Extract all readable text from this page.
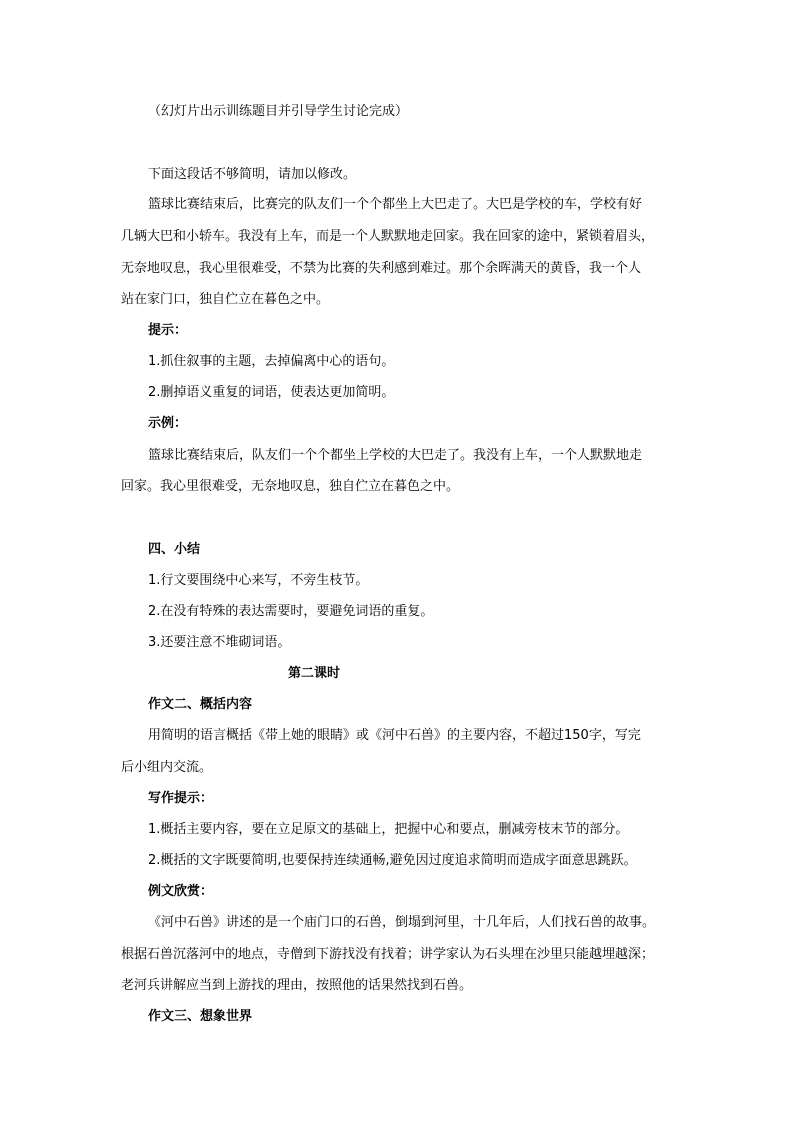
（幻灯片出示训练题目并引导学生讨论完成）
下面这段话不够简明，请加以修改。
篮球比赛结束后，比赛完的队友们一个个都坐上大巴走了。大巴是学校的车，学校有好
几辆大巴和小轿车。我没有上车，而是一个人默默地走回家。我在回家的途中，紧锁着眉头，
无奈地叹息，我心里很难受，不禁为比赛的失利感到难过。那个余晖满天的黄昏，我一个人
站在家门口，独自伫立在暮色之中。
提示：
1.抓住叙事的主题，去掉偏离中心的语句。
2.删掉语义重复的词语，使表达更加简明。
示例：
篮球比赛结束后，队友们一个个都坐上学校的大巴走了。我没有上车，一个人默默地走
回家。我心里很难受，无奈地叹息，独自伫立在暮色之中。
四、小结
1.行文要围绕中心来写，不旁生枝节。
2.在没有特殊的表达需要时，要避免词语的重复。
3.还要注意不堆砌词语。
第二课时
作文二、概括内容
用简明的语言概括《带上她的眼睛》或《河中石兽》的主要内容，不超过150字，写完
后小组内交流。
写作提示：
1.概括主要内容，要在立足原文的基础上，把握中心和要点，删减旁枝末节的部分。
2.概括的文字既要简明,也要保持连续通畅,避免因过度追求简明而造成字面意思跳跃。
例文欣赏：
《河中石兽》讲述的是一个庙门口的石兽，倒塌到河里，十几年后，人们找石兽的故事。
根据石兽沉落河中的地点，寺僧到下游找没有找着；讲学家认为石头埋在沙里只能越埋越深；
老河兵讲解应当到上游找的理由，按照他的话果然找到石兽。
作文三、想象世界
